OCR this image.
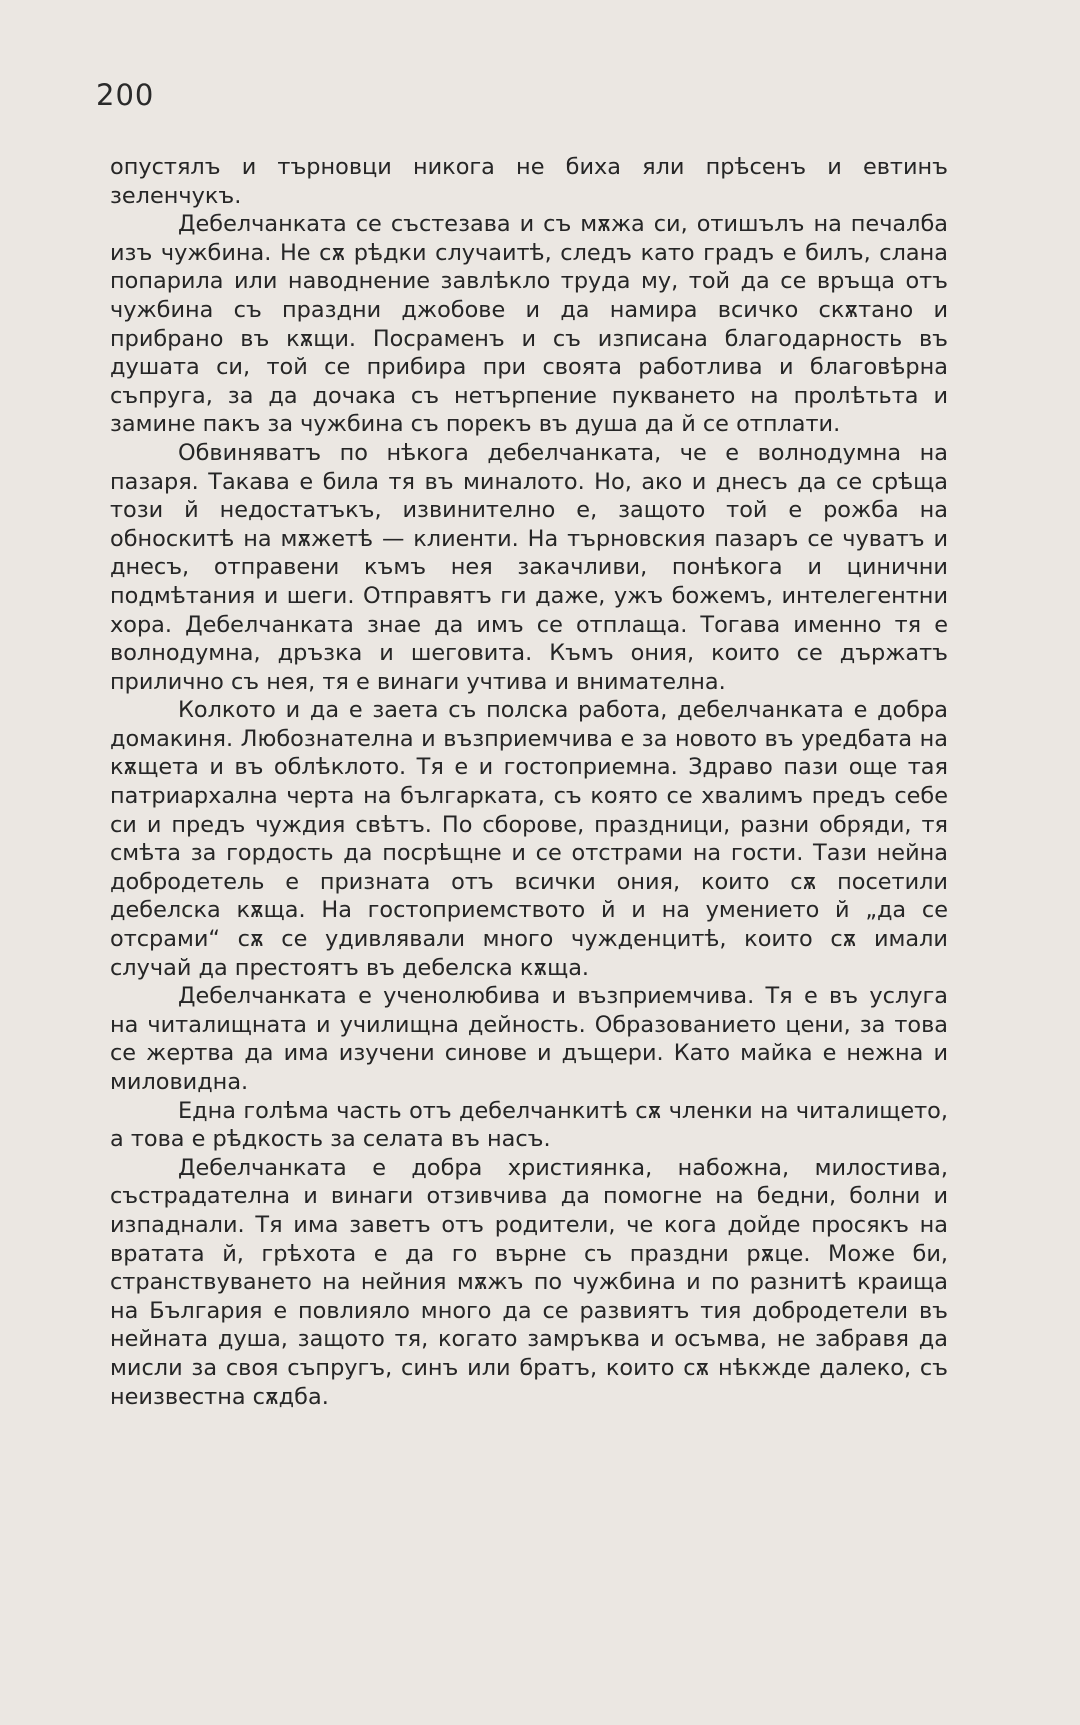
200

опустялъ и търновци никога не биха яли прѣсенъ и евтинъ зеленчукъ.

Дебелчанката се състезава и съ мѫжа си, отишълъ на печалба изъ чужбина. Не сѫ рѣдки случаитѣ, следъ като градъ е билъ, слана попарила или наводнение завлѣкло труда му, той да се връща отъ чужбина съ праздни джобове и да намира всичко скѫтано и прибрано въ кѫщи. Посраменъ и съ изписана благодарность въ душата си, той се прибира при своята работлива и благовѣрна съпруга, за да дочака съ нетърпение пукването на пролѣтьта и замине пакъ за чужбина съ порекъ въ душа да й се отплати.

Обвиняватъ по нѣкога дебелчанката, че е волнодумна на пазаря. Такава е била тя въ миналото. Но, ако и днесъ да се срѣща този й недостатъкъ, извинително е, защото той е рожба на обноскитѣ на мѫжетѣ — клиенти. На търновския пазаръ се чуватъ и днесъ, отправени къмъ нея закачливи, понѣкога и цинични подмѣтания и шеги. Отправятъ ги даже, ужъ божемъ, интелегентни хора. Дебелчанката знае да имъ се отплаща. Тогава именно тя е волнодумна, дръзка и шеговита. Къмъ ония, които се държатъ прилично съ нея, тя е винаги учтива и внимателна.

Колкото и да е заета съ полска работа, дебелчанката е добра домакиня. Любознателна и възприемчива е за новото въ уредбата на кѫщета и въ облѣклото. Тя е и гостоприемна. Здраво пази още тая патриархална черта на българката, съ която се хвалимъ предъ себе си и предъ чуждия свѣтъ. По сборове, праздници, разни обряди, тя смѣта за гордость да посрѣщне и се отстрами на гости. Тази нейна добродетель е призната отъ всички ония, които сѫ посетили дебелска кѫща. На гостоприемството й и на умението й „да се отсрами“ сѫ се удивлявали много чужденцитѣ, които сѫ имали случай да престоятъ въ дебелска кѫща.

Дебелчанката е ученолюбива и възприемчива. Тя е въ услуга на читалищната и училищна дейность. Образованието цени, за това се жертва да има изучени синове и дъщери. Като майка е нежна и миловидна.

Една голѣма часть отъ дебелчанкитѣ сѫ членки на читалището, а това е рѣдкость за селата въ насъ.

Дебелчанката е добра християнка, набожна, милостива, състрадателна и винаги отзивчива да помогне на бедни, болни и изпаднали. Тя има заветъ отъ родители, че кога дойде просякъ на вратата й, грѣхота е да го върне съ праздни рѫце. Може би, странствуването на нейния мѫжъ по чужбина и по разнитѣ краища на България е повлияло много да се развиятъ тия добродетели въ нейната душа, защото тя, когато замръква и осъмва, не забравя да мисли за своя съпругъ, синъ или братъ, които сѫ нѣкжде далеко, съ неизвестна сѫдба.
